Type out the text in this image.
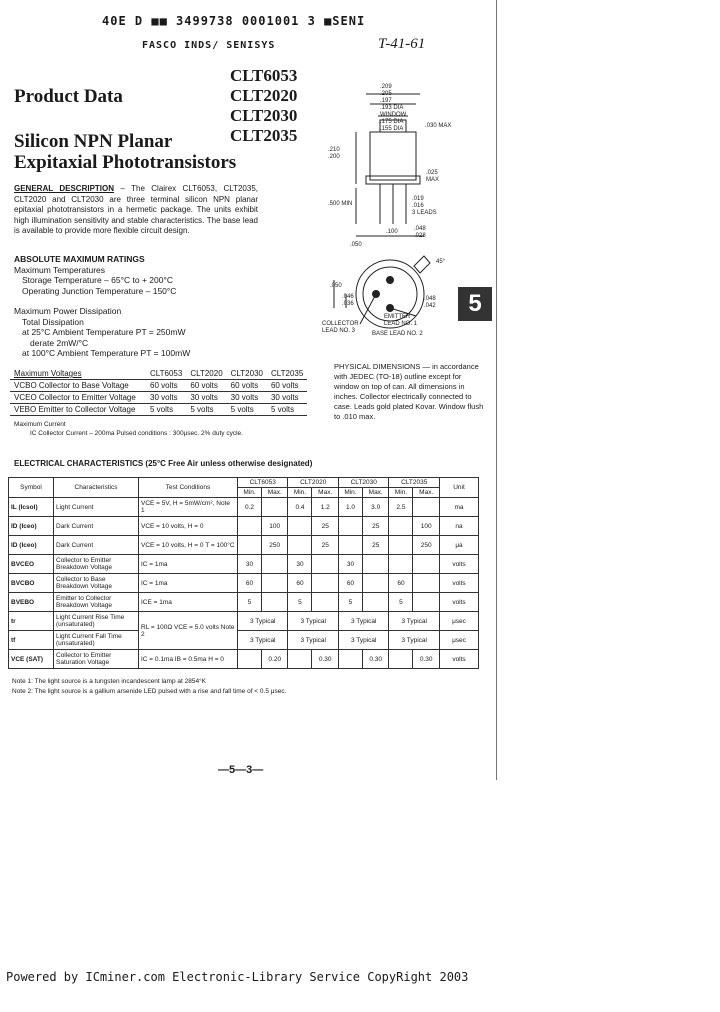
40E D ■■ 3499738 0001001 3 ■SENI
FASCO INDS/ SENISYS	T-41-61
Product Data
CLT6053
CLT2020
CLT2030
CLT2035
Silicon NPN Planar
Expitaxial Phototransistors
GENERAL DESCRIPTION – The Clairex CLT6053, CLT2035, CLT2020 and CLT2030 are three terminal silicon NPN planar epitaxial phototransistors in a hermetic package. The units exhibit high illumination sensitivity and stable characteristics. The base lead is available to provide more flexible circuit design.
ABSOLUTE MAXIMUM RATINGS
Maximum Temperatures
Storage Temperature – 65°C to + 200°C
Operating Junction Temperature – 150°C
Maximum Power Dissipation
Total Dissipation
at 25°C Ambient Temperature PT = 250mW
derate 2mW/°C
at 100°C Ambient Temperature PT = 100mW
Maximum Voltages
		CLT6053	CLT2020	CLT2030	CLT2035
VCBO Collector to Base Voltage	60 volts	60 volts	60 volts	60 volts
VCEO Collector to Emitter Voltage	30 volts	30 volts	30 volts	30 volts
VEBO Emitter to Collector Voltage	5 volts	5 volts	5 volts	5 volts
Maximum Current
IC Collector Current – 200ma Pulsed conditions : 300μsec. 2% duty cycle.
PHYSICAL DIMENSIONS — in accordance with JEDEC (TO-18) outline except for window on top of can. All dimensions in inches. Collector electrically connected to case. Leads gold plated Kovar. Window flush to .010 max.
.209
.205
.197
.193 DIA
WINDOW
.175 DIA
.155 DIA	.030 MAX
.210
.200
.025
MAX
.500 MIN
.019
.016
3 LEADS
.100
.050
.048
.028
45°
.050
.046
.036
.048
.042
EMITTER
LEAD NO. 1
COLLECTOR
LEAD NO. 3	BASE LEAD NO. 2
5
ELECTRICAL CHARACTERISTICS (25°C Free Air unless otherwise designated)
Symbol	Characteristics	Test Conditions	CLT6053		CLT2020		CLT2030		CLT2035		Unit
			Min.	Max.	Min.	Max.	Min.	Max.	Min.	Max.	
IL (Icsol)	Light Current	VCE = 5V, H = 5mW/cm², Note 1	0.2		0.4	1.2	1.0	3.0	2.5		ma
ID (Iceo)	Dark Current	VCE = 10 volts, H = 0		100		25		25		100	na
ID (Iceo)	Dark Current	VCE = 10 volts, H = 0 T = 100°C		250		25		25		250	μa
BVCEO	Collector to Emitter Breakdown Voltage	IC = 1ma	30		30		30				volts
BVCBO	Collector to Base Breakdown Voltage	IC = 1ma	60		60		60		60		volts
BVEBO	Emitter to Collector Breakdown Voltage	ICE = 1ma	5		5		5		5		volts
tr	Light Current Rise Time (unsaturated)	RL = 100Ω VCE = 5.0 volts Note 2	3 Typical		3 Typical		3 Typical		3 Typical		μsec
tf	Light Current Fall Time (unsaturated)		3 Typical		3 Typical		3 Typical		3 Typical		μsec
VCE (SAT)	Collector to Emitter Saturation Voltage	IC = 0.1ma IB = 0.5ma H = 0		0.20		0.30		0.30		0.30	volts
Note 1: The light source is a tungsten incandescent lamp at 2854°K
Note 2: The light source is a gallium arsenide LED pulsed with a rise and fall time of < 0.5 μsec.
—5—3—
Powered by ICminer.com Electronic-Library Service CopyRight 2003
